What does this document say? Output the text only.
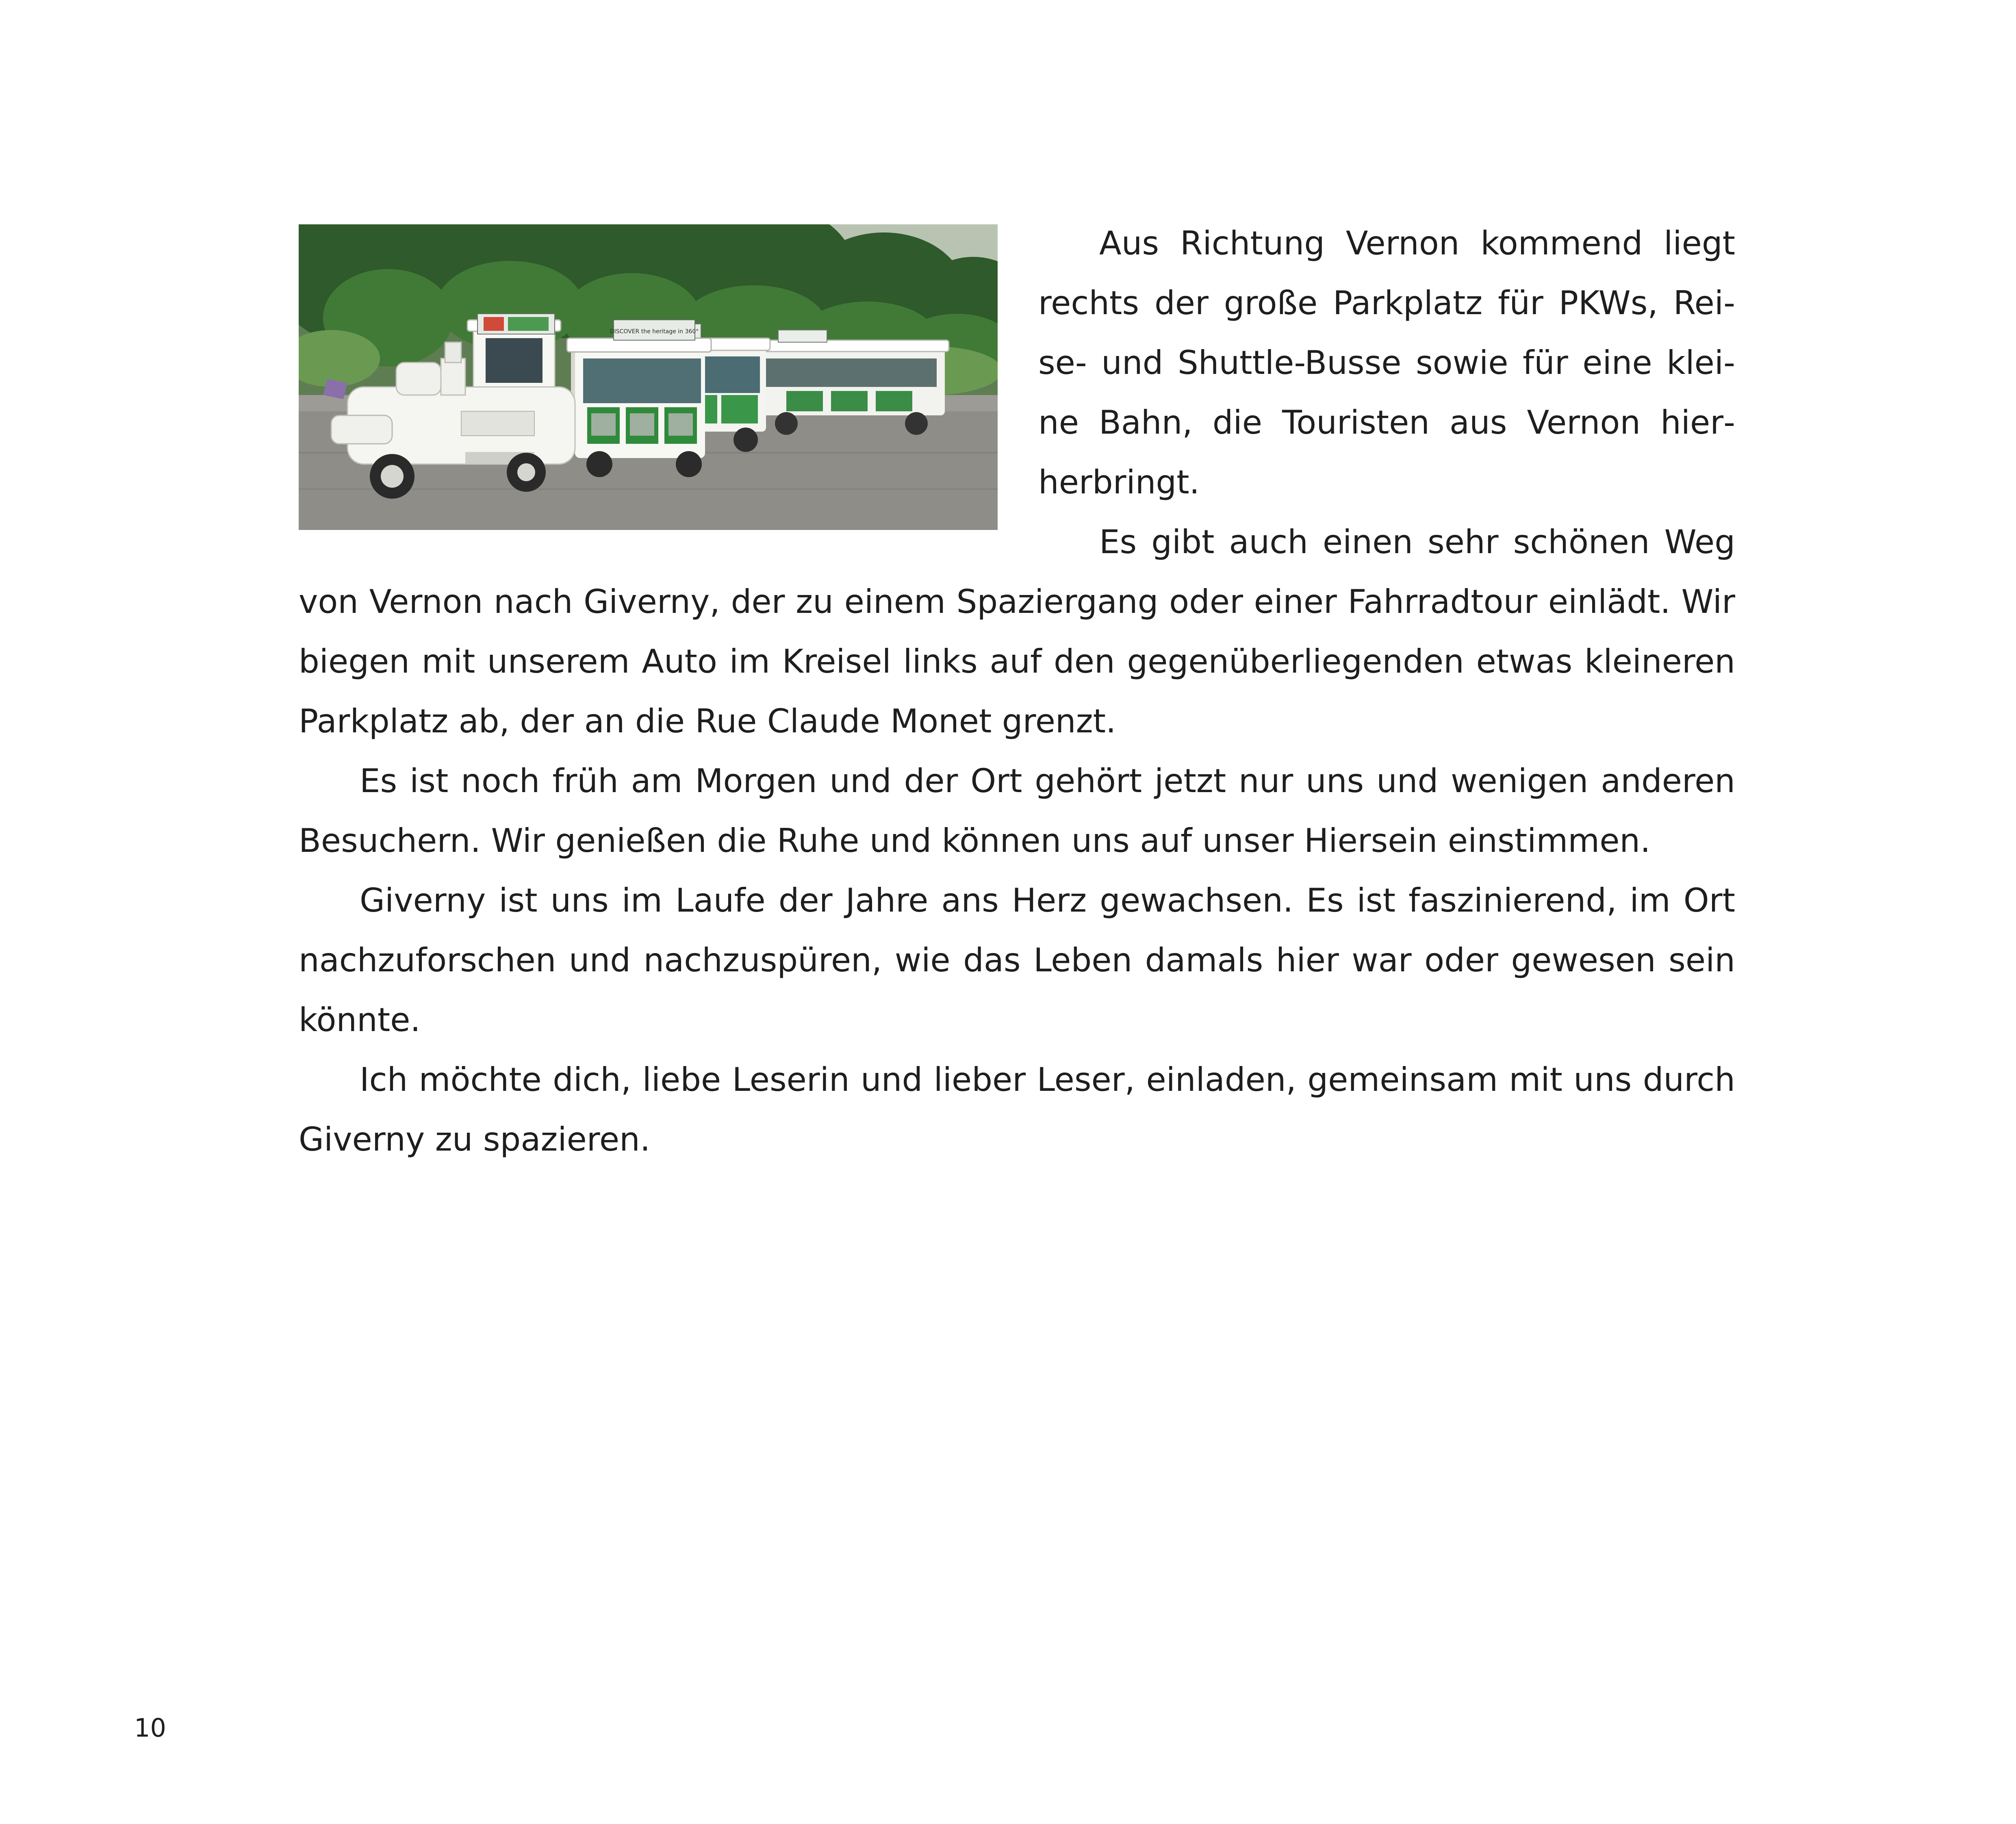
DISCOVER the heritage in 360°

Aus Richtung Vernon kommend liegt rechts der große Parkplatz für PKWs, Reise- und Shuttle-Busse sowie für eine kleine Bahn, die Touristen aus Vernon hierherbringt.

Es gibt auch einen sehr schönen Weg von Vernon nach Giverny, der zu einem Spaziergang oder einer Fahrradtour einlädt. Wir biegen mit unserem Auto im Kreisel links auf den gegenüberliegenden etwas kleineren Parkplatz ab, der an die Rue Claude Monet grenzt.

Es ist noch früh am Morgen und der Ort gehört jetzt nur uns und wenigen anderen Besuchern. Wir genießen die Ruhe und können uns auf unser Hiersein einstimmen.

Giverny ist uns im Laufe der Jahre ans Herz gewachsen. Es ist faszinierend, im Ort nachzuforschen und nachzuspüren, wie das Leben damals hier war oder gewesen sein könnte.

Ich möchte dich, liebe Leserin und lieber Leser, einladen, gemeinsam mit uns durch Giverny zu spazieren.

10
